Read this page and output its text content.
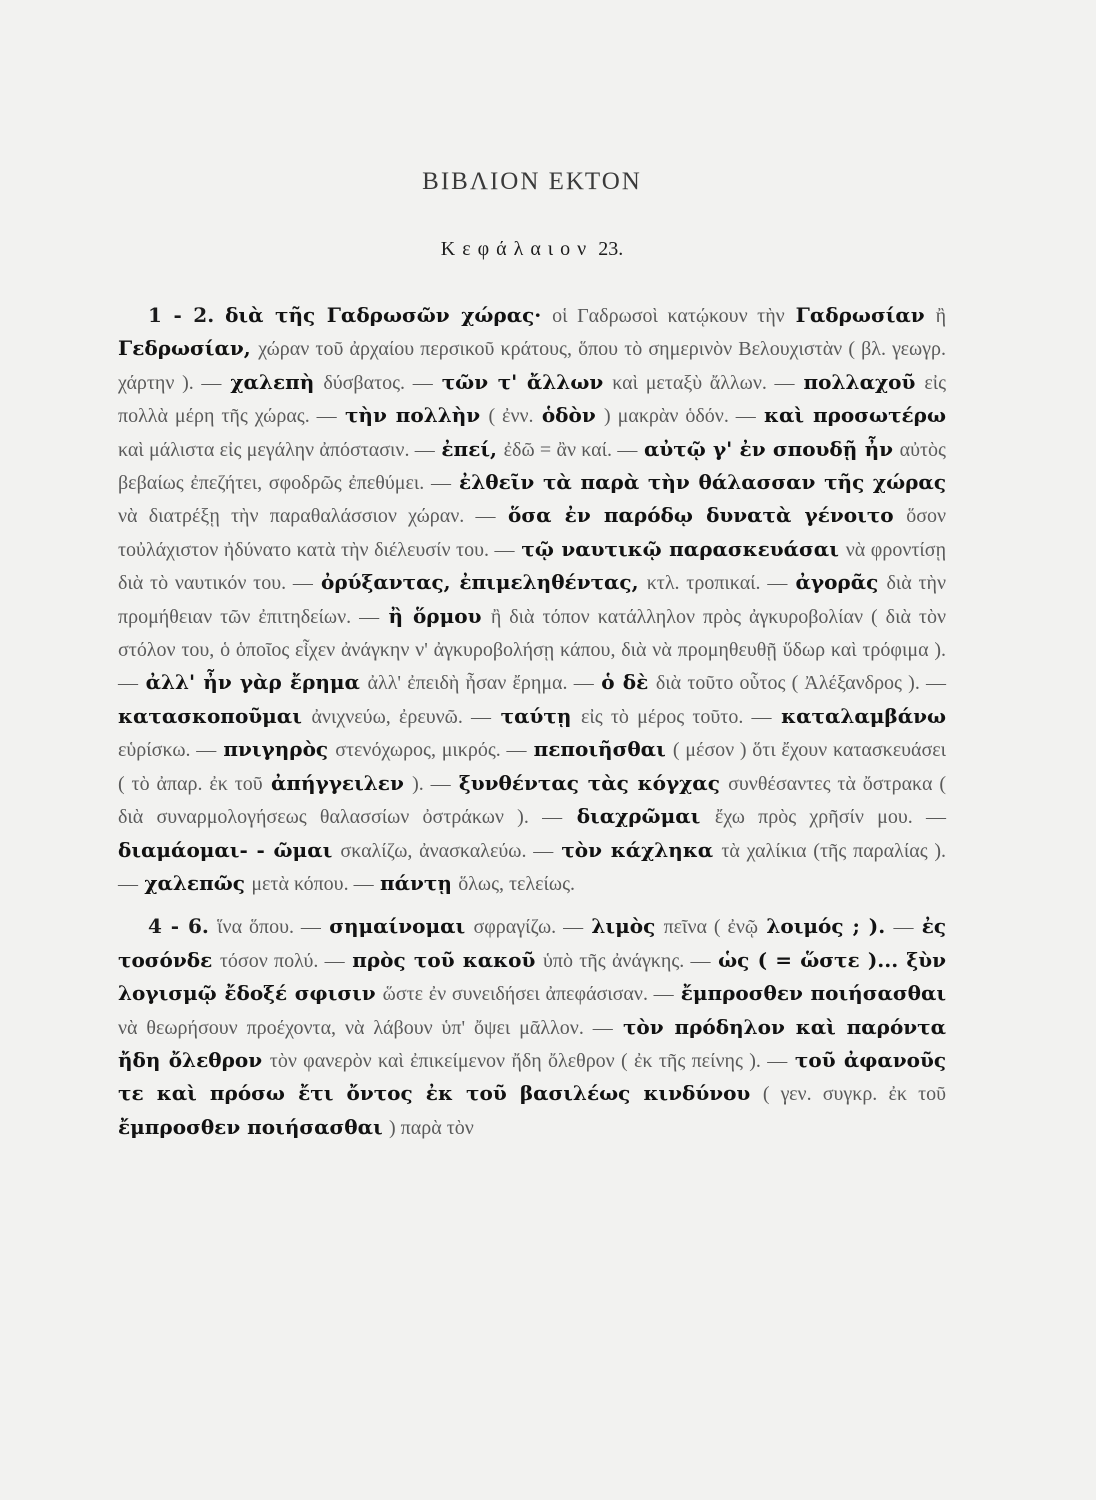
ΒΙΒΛΙΟΝ ΕΚΤΟΝ
Κεφάλαιον 23.

1 - 2. διὰ τῆς Γαδρωσῶν χώρας· οἱ Γαδρωσοὶ κατῴκουν τὴν Γαδρωσίαν ἢ Γεδρωσίαν, χώραν τοῦ ἀρχαίου περσικοῦ κράτους, ὅπου τὸ σημερινὸν Βελουχιστὰν ( βλ. γεωγρ. χάρτην ). — χαλεπὴ δύσβατος. — τῶν τ' ἄλλων καὶ μεταξὺ ἄλλων. — πολλαχοῦ εἰς πολλὰ μέρη τῆς χώρας. — τὴν πολλὴν ( ἐνν. ὁδὸν ) μακρὰν ὁδόν. — καὶ προσωτέρω καὶ μάλιστα εἰς μεγάλην ἀπόστασιν. — ἐπεί, ἐδῶ = ἂν καί. — αὐτῷ γ' ἐν σπουδῇ ἦν αὐτὸς βεβαίως ἐπεζήτει, σφοδρῶς ἐπεθύμει. — ἐλθεῖν τὰ παρὰ τὴν θάλασσαν τῆς χώρας νὰ διατρέξῃ τὴν παραθαλάσσιον χώραν. — ὅσα ἐν παρόδῳ δυνατὰ γένοιτο ὅσον τοὐλάχιστον ἠδύνατο κατὰ τὴν διέλευσίν του. — τῷ ναυτικῷ παρασκευάσαι νὰ φροντίσῃ διὰ τὸ ναυτικόν του. — ὀρύξαντας, ἐπιμεληθέντας, κτλ. τροπικαί. — ἀγορᾶς διὰ τὴν προμήθειαν τῶν ἐπιτηδείων. — ἢ ὅρμου ἢ διὰ τόπον κατάλληλον πρὸς ἀγκυροβολίαν ( διὰ τὸν στόλον του, ὁ ὁποῖος εἶχεν ἀνάγκην ν' ἀγκυροβολήσῃ κάπου, διὰ νὰ προμηθευθῇ ὕδωρ καὶ τρόφιμα ). — ἀλλ' ἦν γὰρ ἔρημα ἀλλ' ἐπειδὴ ἦσαν ἔρημα. — ὁ δὲ διὰ τοῦτο οὗτος ( Ἀλέξανδρος ). — κατασκοποῦμαι ἀνιχνεύω, ἐρευνῶ. — ταύτῃ εἰς τὸ μέρος τοῦτο. — καταλαμβάνω εὑρίσκω. — πνιγηρὸς στενόχωρος, μικρός. — πεποιῆσθαι ( μέσον ) ὅτι ἔχουν κατασκευάσει ( τὸ ἀπαρ. ἐκ τοῦ ἀπήγγειλεν ). — ξυνθέντας τὰς κόγχας συνθέσαντες τὰ ὄστρακα ( διὰ συναρμολογήσεως θαλασσίων ὀστράκων ). — διαχρῶμαι ἔχω πρὸς χρῆσίν μου. — διαμάομαι- - ῶμαι σκαλίζω, ἀνασκαλεύω. — τὸν κάχληκα τὰ χαλίκια (τῆς παραλίας ). — χαλεπῶς μετὰ κόπου. — πάντῃ ὅλως, τελείως.

4 - 6. ἵνα ὅπου. — σημαίνομαι σφραγίζω. — λιμὸς πεῖνα ( ἐνῷ λοιμός ; ). — ἐς τοσόνδε τόσον πολύ. — πρὸς τοῦ κακοῦ ὑπὸ τῆς ἀνάγκης. — ὡς ( = ὥστε )... ξὺν λογισμῷ ἔδοξέ σφισιν ὥστε ἐν συνειδήσει ἀπεφάσισαν. — ἔμπροσθεν ποιήσασθαι νὰ θεωρήσουν προέχοντα, νὰ λάβουν ὑπ' ὄψει μᾶλλον. — τὸν πρόδηλον καὶ παρόντα ἤδη ὄλεθρον τὸν φανερὸν καὶ ἐπικείμενον ἤδη ὄλεθρον ( ἐκ τῆς πείνης ). — τοῦ ἀφανοῦς τε καὶ πρόσω ἔτι ὄντος ἐκ τοῦ βασιλέως κινδύνου ( γεν. συγκρ. ἐκ τοῦ ἔμπροσθεν ποιήσασθαι ) παρὰ τὸν
